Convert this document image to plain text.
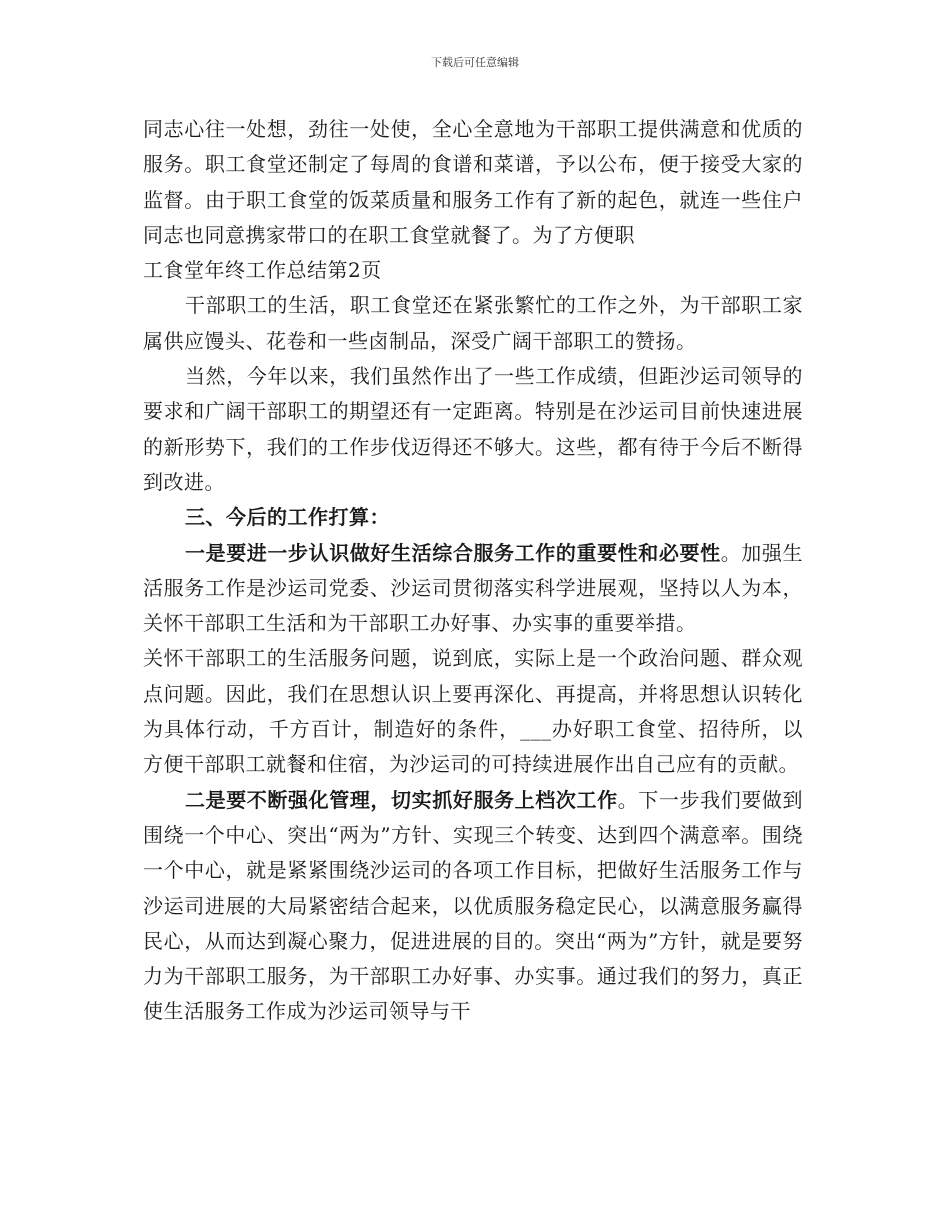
下载后可任意编辑

同志心往一处想，劲往一处使，全心全意地为干部职工提供满意和优质的服务。职工食堂还制定了每周的食谱和菜谱，予以公布，便于接受大家的监督。由于职工食堂的饭菜质量和服务工作有了新的起色，就连一些住户同志也同意携家带口的在职工食堂就餐了。为了方便职
工食堂年终工作总结第2页

干部职工的生活，职工食堂还在紧张繁忙的工作之外，为干部职工家属供应馒头、花卷和一些卤制品，深受广阔干部职工的赞扬。

当然，今年以来，我们虽然作出了一些工作成绩，但距沙运司领导的要求和广阔干部职工的期望还有一定距离。特别是在沙运司目前快速进展的新形势下，我们的工作步伐迈得还不够大。这些，都有待于今后不断得到改进。

三、今后的工作打算：

一是要进一步认识做好生活综合服务工作的重要性和必要性。加强生活服务工作是沙运司党委、沙运司贯彻落实科学进展观，坚持以人为本，关怀干部职工生活和为干部职工办好事、办实事的重要举措。

关怀干部职工的生活服务问题，说到底，实际上是一个政治问题、群众观点问题。因此，我们在思想认识上要再深化、再提高，并将思想认识转化为具体行动，千方百计，制造好的条件，___办好职工食堂、招待所，以方便干部职工就餐和住宿，为沙运司的可持续进展作出自己应有的贡献。

二是要不断强化管理，切实抓好服务上档次工作。下一步我们要做到围绕一个中心、突出“两为”方针、实现三个转变、达到四个满意率。围绕一个中心，就是紧紧围绕沙运司的各项工作目标，把做好生活服务工作与沙运司进展的大局紧密结合起来，以优质服务稳定民心，以满意服务赢得民心，从而达到凝心聚力，促进进展的目的。突出“两为”方针，就是要努力为干部职工服务，为干部职工办好事、办实事。通过我们的努力，真正使生活服务工作成为沙运司领导与干
